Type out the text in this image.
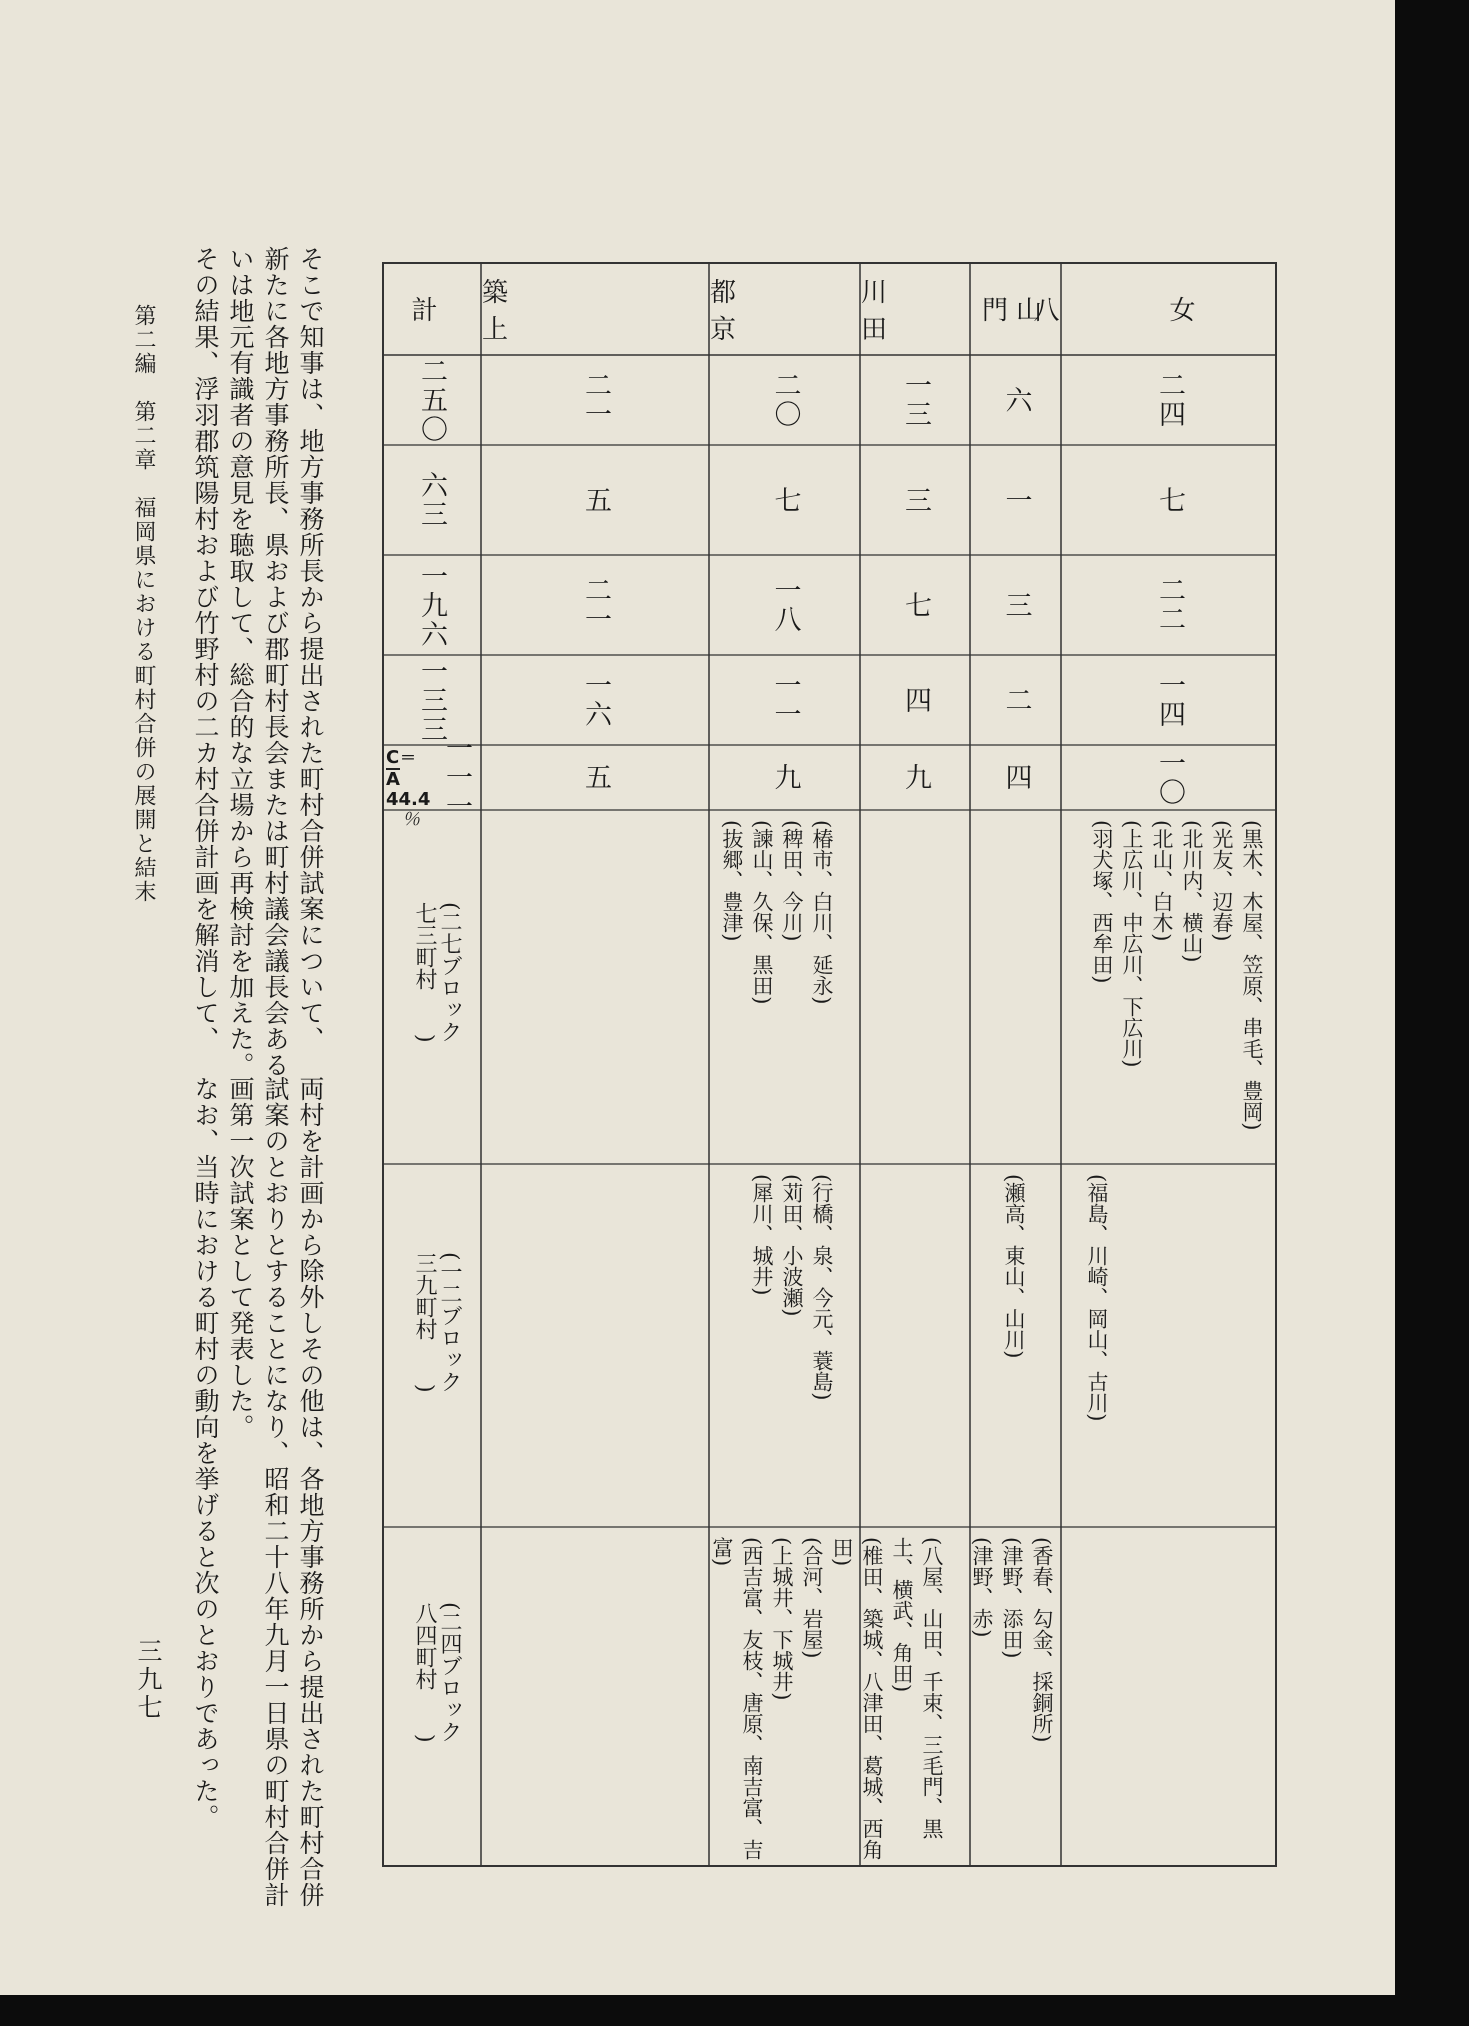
八女
門山
川田
都京
築上
計
二四
七
二二
一四
一〇
六
一
三
二
四
一三
三
七
四
九
二〇
七
一八
一一
九
二一
五
二一
一六
五
二五〇
六三
一九六
一三三
一一一
C＝
A
44.4
％
(黒木、木屋、笠原、串毛、豊岡)
(光友、辺春)
(北川内、横山)
(北山、白木)
(上広川、中広川、下広川)
(羽犬塚、西牟田)
(椿市、白川、延永)
(稗田、今川)
(諫山、久保、黒田)
(抜郷、豊津)
(二七ブロック
七三町村　　)
(福島、川崎、岡山、古川)
(瀬高、東山、山川)
(行橋、泉、今元、蓑島)
(苅田、小波瀬)
(犀川、城井)
(一二ブロック
三九町村　　)
(香春、勾金、採銅所)
(津野、添田)
(津野、赤)
(八屋、山田、千束、三毛門、黒土、横武、角田)
(椎田、築城、八津田、葛城、西角田)
(合河、岩屋)
(上城井、下城井)
(西吉富、友枝、唐原、南吉富、吉富)
(二四ブロック
八四町村　　)
そこで知事は、地方事務所長から提出された町村合併試案について、
新たに各地方事務所長、県および郡町村長会または町村議会議長会ある
いは地元有識者の意見を聴取して、総合的な立場から再検討を加えた。
その結果、浮羽郡筑陽村および竹野村の二カ村合併計画を解消して、
両村を計画から除外しその他は、各地方事務所から提出された町村合併
試案のとおりとすることになり、昭和二十八年九月一日県の町村合併計
画第一次試案として発表した。
なお、当時における町村の動向を挙げると次のとおりであった。
第二編　第二章　福岡県における町村合併の展開と結末
三九七
